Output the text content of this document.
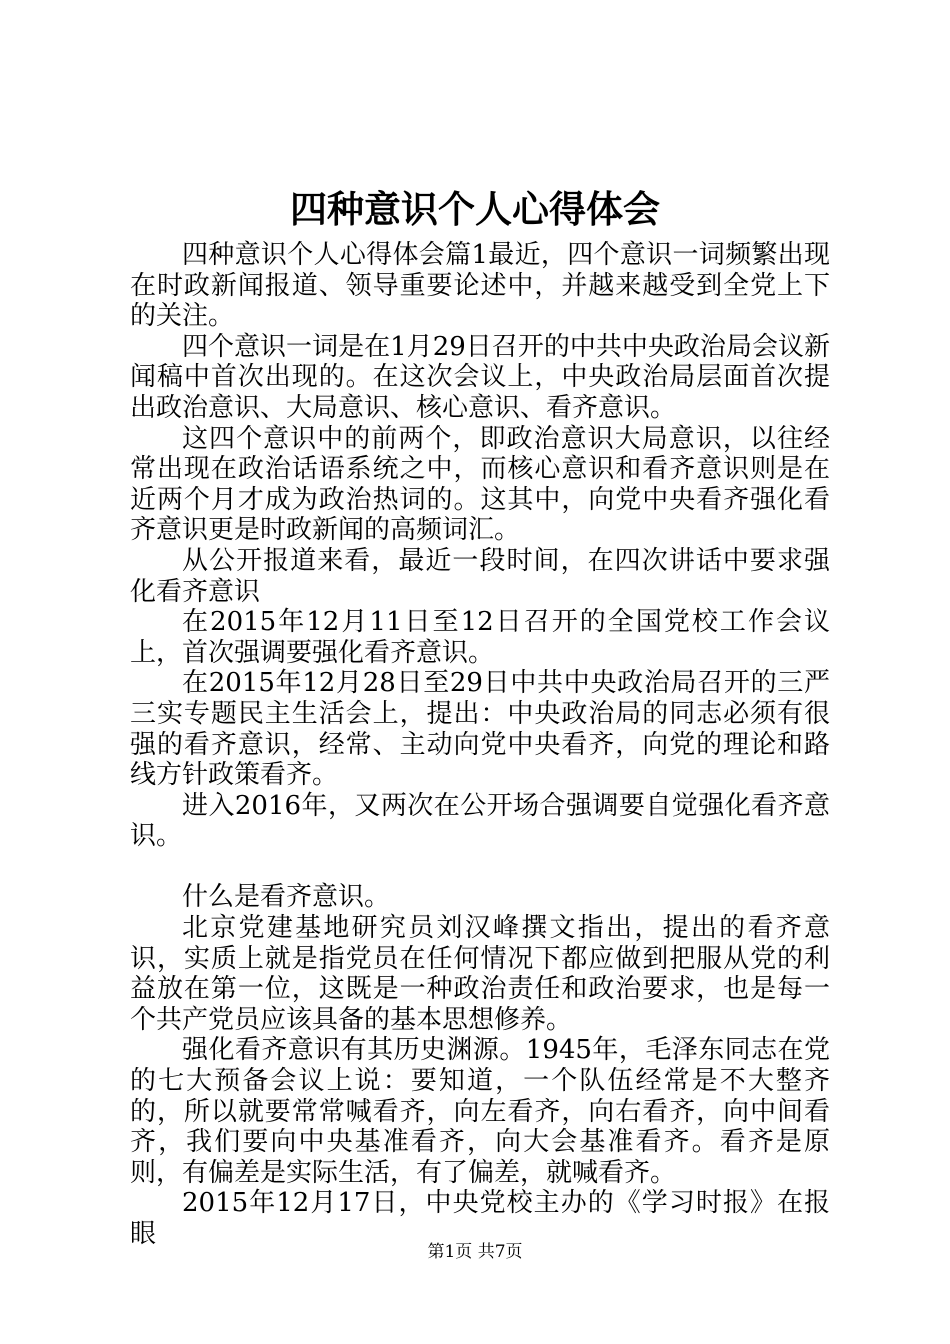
四种意识个人心得体会

四种意识个人心得体会篇1最近，四个意识一词频繁出现在时政新闻报道、领导重要论述中，并越来越受到全党上下的关注。

四个意识一词是在1月29日召开的中共中央政治局会议新闻稿中首次出现的。在这次会议上，中央政治局层面首次提出政治意识、大局意识、核心意识、看齐意识。

这四个意识中的前两个，即政治意识大局意识，以往经常出现在政治话语系统之中，而核心意识和看齐意识则是在近两个月才成为政治热词的。这其中，向党中央看齐强化看齐意识更是时政新闻的高频词汇。

从公开报道来看，最近一段时间，在四次讲话中要求强化看齐意识

在2015年12月11日至12日召开的全国党校工作会议上，首次强调要强化看齐意识。

在2015年12月28日至29日中共中央政治局召开的三严三实专题民主生活会上，提出：中央政治局的同志必须有很强的看齐意识，经常、主动向党中央看齐，向党的理论和路线方针政策看齐。

进入2016年，又两次在公开场合强调要自觉强化看齐意识。

什么是看齐意识。

北京党建基地研究员刘汉峰撰文指出，提出的看齐意识，实质上就是指党员在任何情况下都应做到把服从党的利益放在第一位，这既是一种政治责任和政治要求，也是每一个共产党员应该具备的基本思想修养。

强化看齐意识有其历史渊源。1945年，毛泽东同志在党的七大预备会议上说：要知道，一个队伍经常是不大整齐的，所以就要常常喊看齐，向左看齐，向右看齐，向中间看齐，我们要向中央基准看齐，向大会基准看齐。看齐是原则，有偏差是实际生活，有了偏差，就喊看齐。

2015年12月17日，中央党校主办的《学习时报》在报眼

第1页 共7页
